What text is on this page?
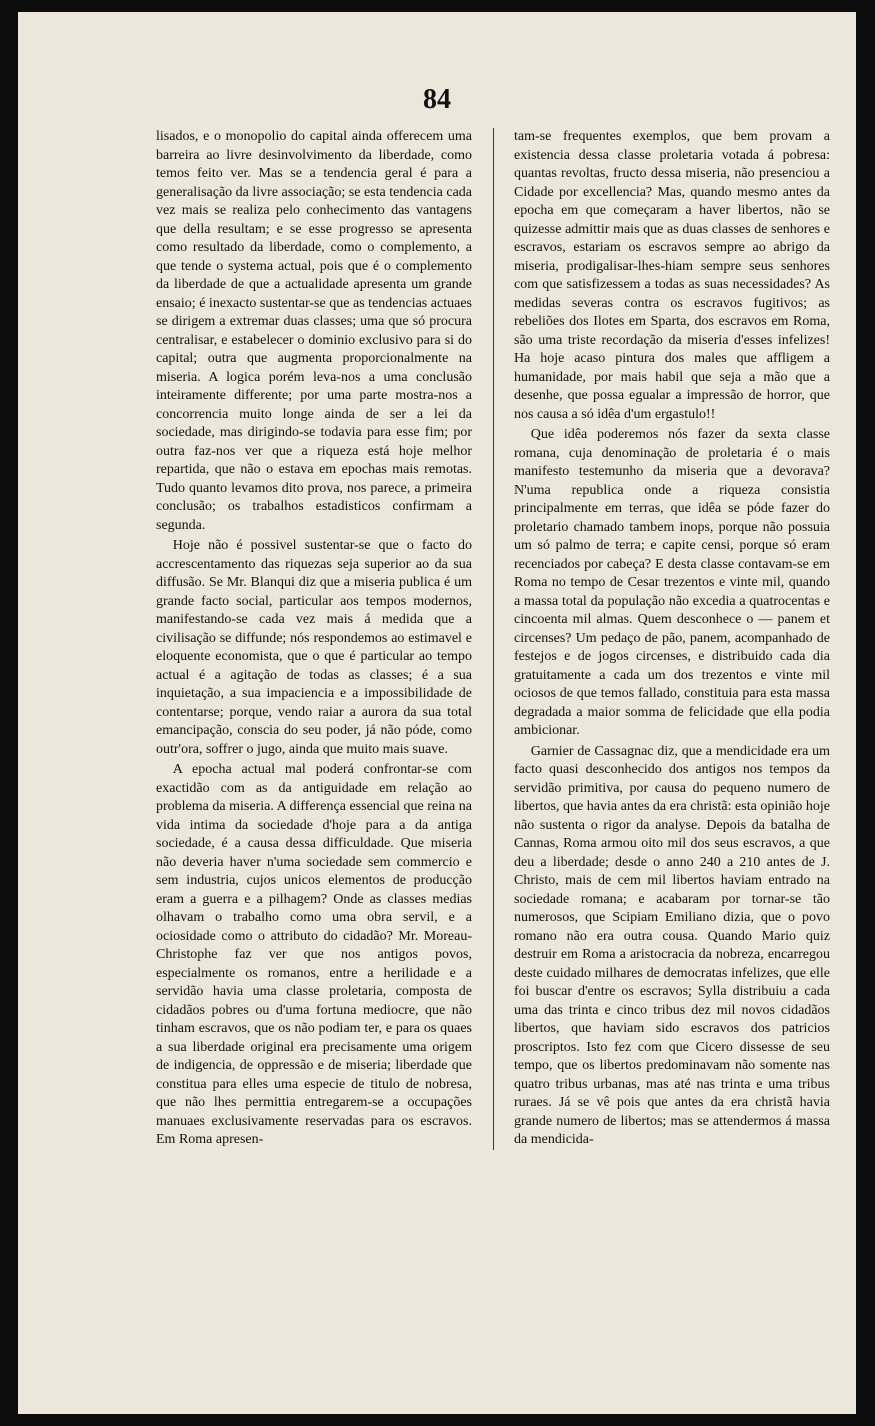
84

lisados, e o monopolio do capital ainda offerecem uma barreira ao livre desinvolvimento da liberdade, como temos feito ver. Mas se a tendencia geral é para a generalisação da livre associação; se esta tendencia cada vez mais se realiza pelo conhecimento das vantagens que della resultam; e se esse progresso se apresenta como resultado da liberdade, como o complemento, a que tende o systema actual, pois que é o complemento da liberdade de que a actualidade apresenta um grande ensaio; é inexacto sustentar-se que as tendencias actuaes se dirigem a extremar duas classes; uma que só procura centralisar, e estabelecer o dominio exclusivo para si do capital; outra que augmenta proporcionalmente na miseria. A logica porém leva-nos a uma conclusão inteiramente differente; por uma parte mostra-nos a concorrencia muito longe ainda de ser a lei da sociedade, mas dirigindo-se todavia para esse fim; por outra faz-nos ver que a riqueza está hoje melhor repartida, que não o estava em epochas mais remotas. Tudo quanto levamos dito prova, nos parece, a primeira conclusão; os trabalhos estadisticos confirmam a segunda.

Hoje não é possivel sustentar-se que o facto do accrescentamento das riquezas seja superior ao da sua diffusão. Se Mr. Blanqui diz que a miseria publica é um grande facto social, particular aos tempos modernos, manifestando-se cada vez mais á medida que a civilisação se diffunde; nós respondemos ao estimavel e eloquente economista, que o que é particular ao tempo actual é a agitação de todas as classes; é a sua inquietação, a sua impaciencia e a impossibilidade de contentarse; porque, vendo raiar a aurora da sua total emancipação, conscia do seu poder, já não póde, como outr'ora, soffrer o jugo, ainda que muito mais suave.

A epocha actual mal poderá confrontar-se com exactidão com as da antiguidade em relação ao problema da miseria. A differença essencial que reina na vida intima da sociedade d'hoje para a da antiga sociedade, é a causa dessa difficuldade. Que miseria não deveria haver n'uma sociedade sem commercio e sem industria, cujos unicos elementos de producção eram a guerra e a pilhagem? Onde as classes medias olhavam o trabalho como uma obra servil, e a ociosidade como o attributo do cidadão? Mr. Moreau-Christophe faz ver que nos antigos povos, especialmente os romanos, entre a herilidade e a servidão havia uma classe proletaria, composta de cidadãos pobres ou d'uma fortuna mediocre, que não tinham escravos, que os não podiam ter, e para os quaes a sua liberdade original era precisamente uma origem de indigencia, de oppressão e de miseria; liberdade que constitua para elles uma especie de titulo de nobresa, que não lhes permittia entregarem-se a occupações manuaes exclusivamente reservadas para os escravos. Em Roma apresen-

tam-se frequentes exemplos, que bem provam a existencia dessa classe proletaria votada á pobresa: quantas revoltas, fructo dessa miseria, não presenciou a Cidade por excellencia? Mas, quando mesmo antes da epocha em que começaram a haver libertos, não se quizesse admittir mais que as duas classes de senhores e escravos, estariam os escravos sempre ao abrigo da miseria, prodigalisar-lhes-hiam sempre seus senhores com que satisfizessem a todas as suas necessidades? As medidas severas contra os escravos fugitivos; as rebeliões dos Ilotes em Sparta, dos escravos em Roma, são uma triste recordação da miseria d'esses infelizes! Ha hoje acaso pintura dos males que affligem a humanidade, por mais habil que seja a mão que a desenhe, que possa egualar a impressão de horror, que nos causa a só idêa d'um ergastulo!!

Que idêa poderemos nós fazer da sexta classe romana, cuja denominação de proletaria é o mais manifesto testemunho da miseria que a devorava? N'uma republica onde a riqueza consistia principalmente em terras, que idêa se póde fazer do proletario chamado tambem inops, porque não possuia um só palmo de terra; e capite censi, porque só eram recenciados por cabeça? E desta classe contavam-se em Roma no tempo de Cesar trezentos e vinte mil, quando a massa total da população não excedia a quatrocentas e cincoenta mil almas. Quem desconhece o — panem et circenses? Um pedaço de pão, panem, acompanhado de festejos e de jogos circenses, e distribuido cada dia gratuitamente a cada um dos trezentos e vinte mil ociosos de que temos fallado, constituia para esta massa degradada a maior somma de felicidade que ella podia ambicionar.

Garnier de Cassagnac diz, que a mendicidade era um facto quasi desconhecido dos antigos nos tempos da servidão primitiva, por causa do pequeno numero de libertos, que havia antes da era christã: esta opinião hoje não sustenta o rigor da analyse. Depois da batalha de Cannas, Roma armou oito mil dos seus escravos, a que deu a liberdade; desde o anno 240 a 210 antes de J. Christo, mais de cem mil libertos haviam entrado na sociedade romana; e acabaram por tornar-se tão numerosos, que Scipiam Emiliano dizia, que o povo romano não era outra cousa. Quando Mario quiz destruir em Roma a aristocracia da nobreza, encarregou deste cuidado milhares de democratas infelizes, que elle foi buscar d'entre os escravos; Sylla distribuiu a cada uma das trinta e cinco tribus dez mil novos cidadãos libertos, que haviam sido escravos dos patricios proscriptos. Isto fez com que Cicero dissesse de seu tempo, que os libertos predominavam não somente nas quatro tribus urbanas, mas até nas trinta e uma tribus ruraes. Já se vê pois que antes da era christã havia grande numero de libertos; mas se attendermos á massa da mendicida-
